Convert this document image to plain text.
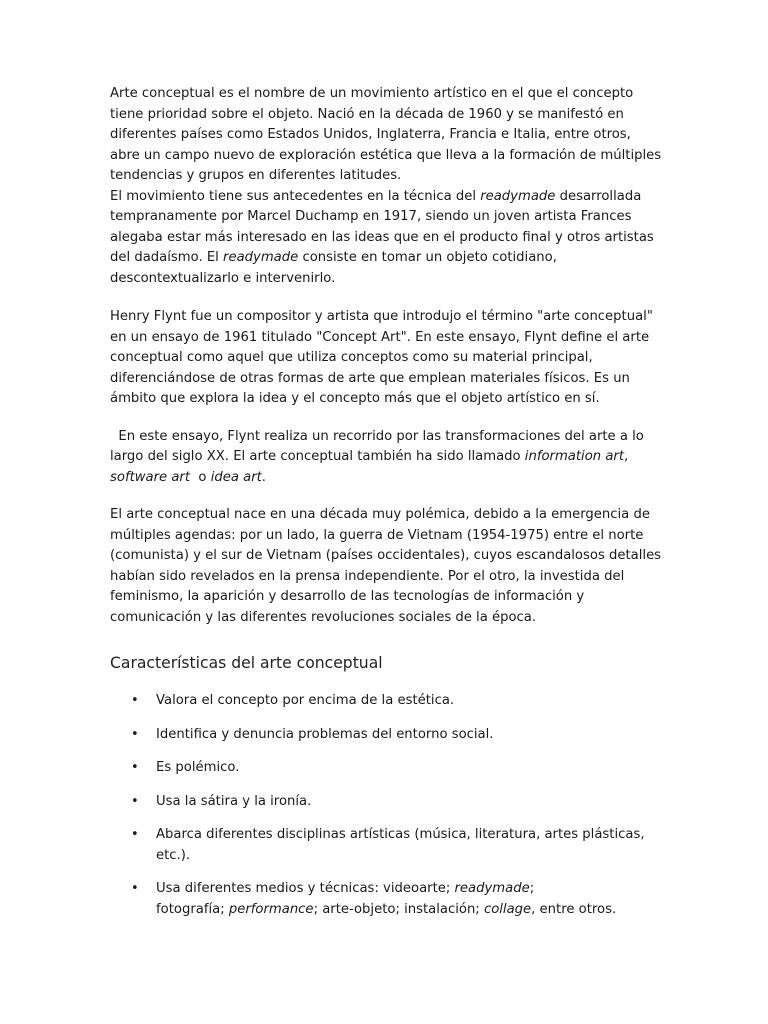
Arte conceptual es el nombre de un movimiento artístico en el que el concepto tiene prioridad sobre el objeto. Nació en la década de 1960 y se manifestó en diferentes países como Estados Unidos, Inglaterra, Francia e Italia, entre otros, abre un campo nuevo de exploración estética que lleva a la formación de múltiples tendencias y grupos en diferentes latitudes.

El movimiento tiene sus antecedentes en la técnica del readymade desarrollada tempranamente por Marcel Duchamp en 1917, siendo un joven artista Frances alegaba estar más interesado en las ideas que en el producto final y otros artistas del dadaísmo. El readymade consiste en tomar un objeto cotidiano, descontextualizarlo e intervenirlo.

Henry Flynt fue un compositor y artista que introdujo el término "arte conceptual" en un ensayo de 1961 titulado "Concept Art". En este ensayo, Flynt define el arte conceptual como aquel que utiliza conceptos como su material principal, diferenciándose de otras formas de arte que emplean materiales físicos. Es un ámbito que explora la idea y el concepto más que el objeto artístico en sí.

En este ensayo, Flynt realiza un recorrido por las transformaciones del arte a lo largo del siglo XX. El arte conceptual también ha sido llamado information art, software art  o idea art.

El arte conceptual nace en una década muy polémica, debido a la emergencia de múltiples agendas: por un lado, la guerra de Vietnam (1954-1975) entre el norte (comunista) y el sur de Vietnam (países occidentales), cuyos escandalosos detalles habían sido revelados en la prensa independiente. Por el otro, la investida del feminismo, la aparición y desarrollo de las tecnologías de información y comunicación y las diferentes revoluciones sociales de la época.

Características del arte conceptual
• Valora el concepto por encima de la estética.
• Identifica y denuncia problemas del entorno social.
• Es polémico.
• Usa la sátira y la ironía.
• Abarca diferentes disciplinas artísticas (música, literatura, artes plásticas, etc.).
• Usa diferentes medios y técnicas: videoarte; readymade;
fotografía; performance; arte-objeto; instalación; collage, entre otros.
